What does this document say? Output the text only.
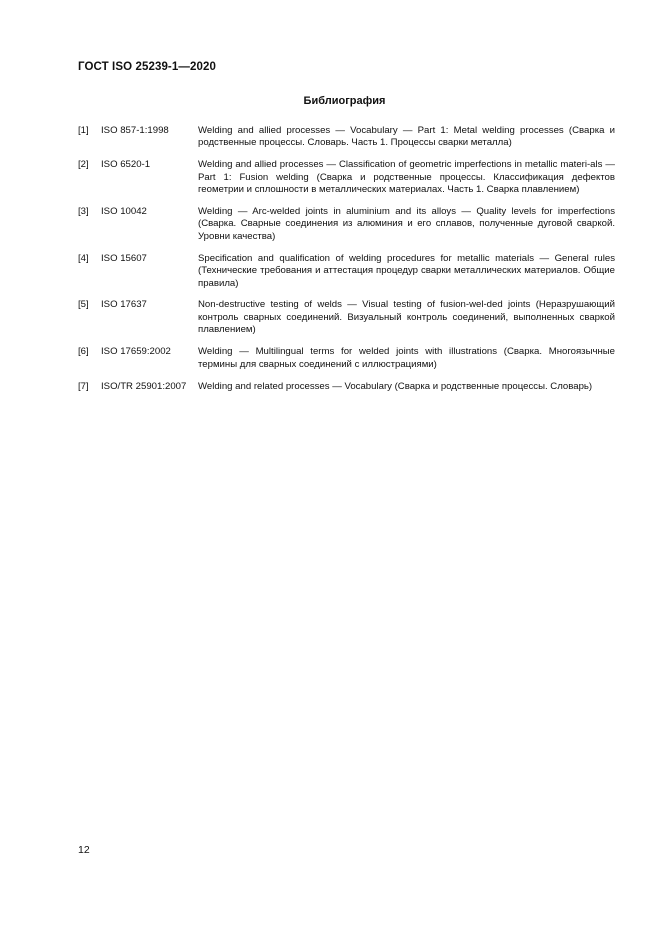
ГОСТ ISO 25239-1—2020
Библиография
[1]	ISO 857-1:1998	Welding and allied processes — Vocabulary — Part 1: Metal welding processes (Сварка и родственные процессы. Словарь. Часть 1. Процессы сварки металла)
[2]	ISO 6520-1	Welding and allied processes — Classification of geometric imperfections in metallic materi-als — Part 1: Fusion welding (Сварка и родственные процессы. Классификация дефектов геометрии и сплошности в металлических материалах. Часть 1. Сварка плавлением)
[3]	ISO 10042	Welding — Arc-welded joints in aluminium and its alloys — Quality levels for imperfections (Сварка. Сварные соединения из алюминия и его сплавов, полученные дуговой сваркой. Уровни качества)
[4]	ISO 15607	Specification and qualification of welding procedures for metallic materials — General rules (Технические требования и аттестация процедур сварки металлических материалов. Общие правила)
[5]	ISO 17637	Non-destructive testing of welds — Visual testing of fusion-wel-ded joints (Неразрушающий контроль сварных соединений. Визуальный контроль соединений, выполненных сваркой плавлением)
[6]	ISO 17659:2002	Welding — Multilingual terms for welded joints with illustrations (Сварка. Многоязычные термины для сварных соединений с иллюстрациями)
[7]	ISO/TR 25901:2007	Welding and related processes — Vocabulary (Сварка и родственные процессы. Словарь)
12
